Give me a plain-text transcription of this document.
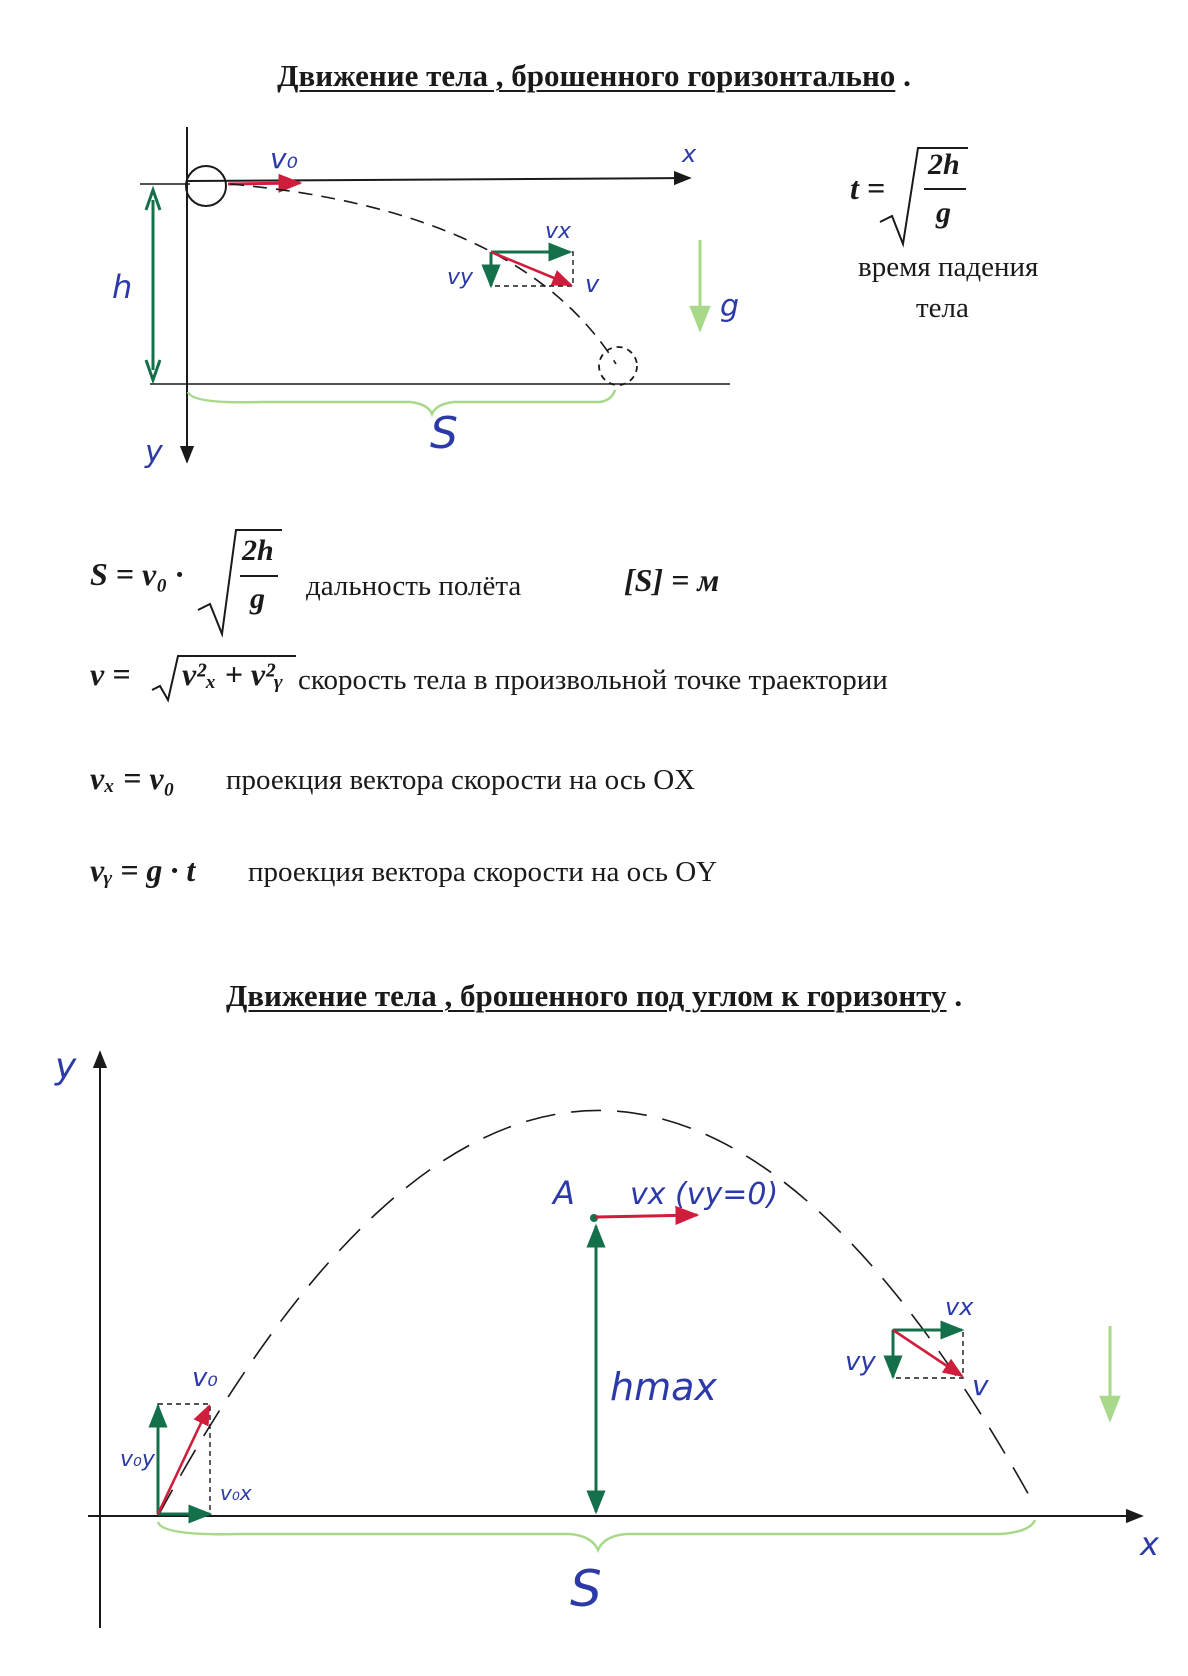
Движение тела , брошенного горизонтально .
Движение тела , брошенного под углом к горизонту .
v₀	x
y
h
vx
vy	v
g
S
y
x
A vx (vy=0)
hmax
v₀
v₀y
v₀x
vx
vy
v
S
t =
2h
g
время падения
тела
S = v₀ ·
2h
g дальность полёта	[S] = м
v = v²ₓ + v²ᵧ скорость тела в произвольной точке траектории
vₓ = v₀ проекция вектора скорости на ось OX
vᵧ = g · t проекция вектора скорости на ось OY
